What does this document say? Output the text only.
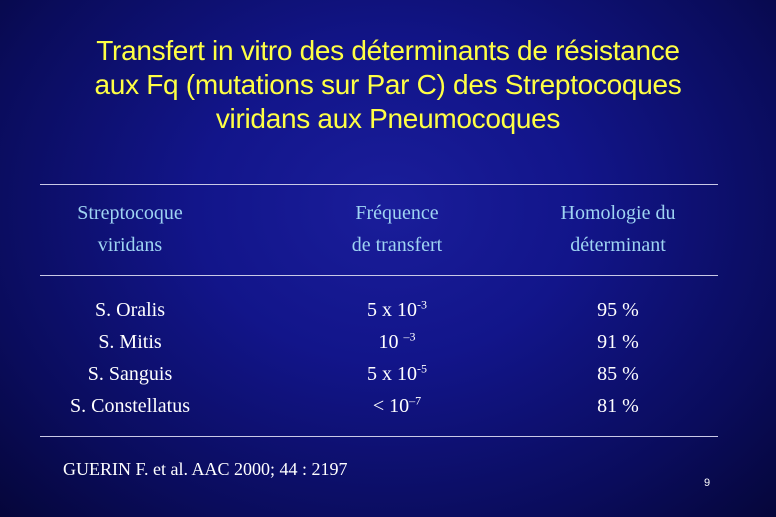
Transfert in vitro des déterminants de résistance
aux Fq (mutations sur Par C) des Streptocoques
viridans aux Pneumocoques
Streptocoque
viridans
Fréquence
de transfert
Homologie du
déterminant
S. Oralis
S. Mitis
S. Sanguis
S. Constellatus
5 x $10^{-3}$
10 $^{-3}$
5 x $10^{-5}$
< $10^{-7}$
95 %
91 %
85 %
81 %
GUERIN F. et al. AAC 2000; 44 : 2197
9
